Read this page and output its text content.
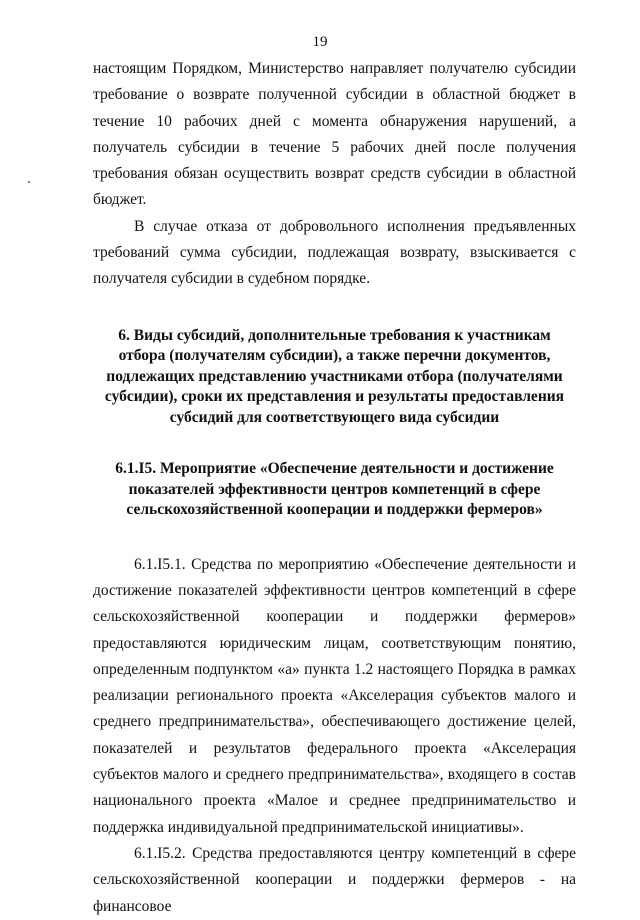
19

настоящим Порядком, Министерство направляет получателю субсидии требование о возврате полученной субсидии в областной бюджет в течение 10 рабочих дней с момента обнаружения нарушений, а получатель субсидии в течение 5 рабочих дней после получения требования обязан осуществить возврат средств субсидии в областной бюджет.

В случае отказа от добровольного исполнения предъявленных требований сумма субсидии, подлежащая возврату, взыскивается с получателя субсидии в судебном порядке.

6. Виды субсидий, дополнительные требования к участникам отбора (получателям субсидии), а также перечни документов, подлежащих представлению участниками отбора (получателями субсидии), сроки их представления и результаты предоставления субсидий для соответствующего вида субсидии

6.1.I5. Мероприятие «Обеспечение деятельности и достижение показателей эффективности центров компетенций в сфере сельскохозяйственной кооперации и поддержки фермеров»

6.1.I5.1. Средства по мероприятию «Обеспечение деятельности и достижение показателей эффективности центров компетенций в сфере сельскохозяйственной кооперации и поддержки фермеров» предоставляются юридическим лицам, соответствующим понятию, определенным подпунктом «а» пункта 1.2 настоящего Порядка в рамках реализации регионального проекта «Акселерация субъектов малого и среднего предпринимательства», обеспечивающего достижение целей, показателей и результатов федерального проекта «Акселерация субъектов малого и среднего предпринимательства», входящего в состав национального проекта «Малое и среднее предпринимательство и поддержка индивидуальной предпринимательской инициативы».

6.1.I5.2. Средства предоставляются центру компетенций в сфере сельскохозяйственной кооперации и поддержки фермеров - на финансовое
